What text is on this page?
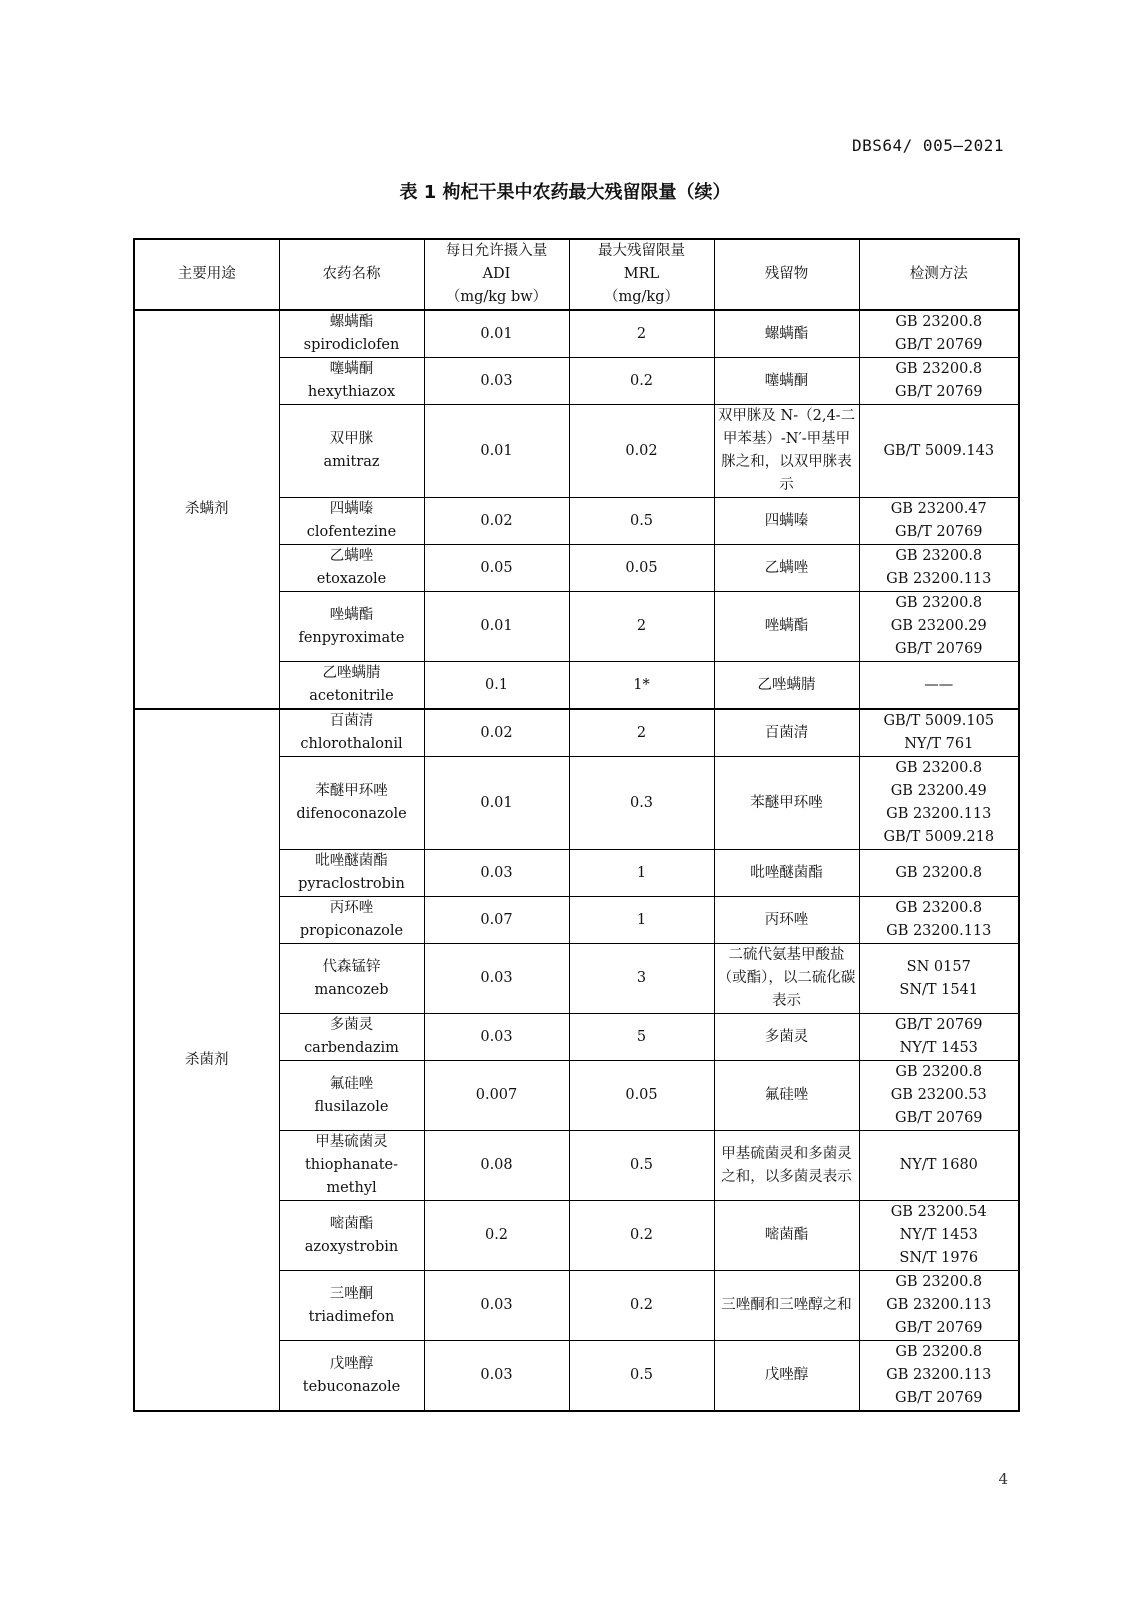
DBS64/ 005—2021
表 1 枸杞干果中农药最大残留限量（续）
主要用途	农药名称	每日允许摄入量
ADI
（mg/kg bw）	最大残留限量
MRL
（mg/kg）	残留物	检测方法
杀螨剂	螺螨酯
spirodiclofen	0.01	2	螺螨酯	GB 23200.8
GB/T 20769

	噻螨酮
hexythiazox	0.03	0.2	噻螨酮	GB 23200.8
GB/T 20769

	双甲脒
amitraz	0.01	0.02	双甲脒及 N-（2,4-二甲苯基）-N′-甲基甲脒之和，以双甲脒表示	GB/T 5009.143

	四螨嗪
clofentezine	0.02	0.5	四螨嗪	GB 23200.47
GB/T 20769

	乙螨唑
etoxazole	0.05	0.05	乙螨唑	GB 23200.8
GB 23200.113

	唑螨酯
fenpyroximate	0.01	2	唑螨酯	GB 23200.8
GB 23200.29
GB/T 20769

	乙唑螨腈
acetonitrile	0.1	1*	乙唑螨腈	——

杀菌剂	百菌清
chlorothalonil	0.02	2	百菌清	GB/T 5009.105
NY/T 761

	苯醚甲环唑
difenoconazole	0.01	0.3	苯醚甲环唑	GB 23200.8
GB 23200.49
GB 23200.113
GB/T 5009.218

	吡唑醚菌酯
pyraclostrobin	0.03	1	吡唑醚菌酯	GB 23200.8

	丙环唑
propiconazole	0.07	1	丙环唑	GB 23200.8
GB 23200.113

	代森锰锌
mancozeb	0.03	3	二硫代氨基甲酸盐（或酯），以二硫化碳表示	SN 0157
SN/T 1541

	多菌灵
carbendazim	0.03	5	多菌灵	GB/T 20769
NY/T 1453

	氟硅唑
flusilazole	0.007	0.05	氟硅唑	GB 23200.8
GB 23200.53
GB/T 20769

	甲基硫菌灵
thiophanate-methyl	0.08	0.5	甲基硫菌灵和多菌灵之和，以多菌灵表示	NY/T 1680

	嘧菌酯
azoxystrobin	0.2	0.2	嘧菌酯	GB 23200.54
NY/T 1453
SN/T 1976

	三唑酮
triadimefon	0.03	0.2	三唑酮和三唑醇之和	GB 23200.8
GB 23200.113
GB/T 20769

	戊唑醇
tebuconazole	0.03	0.5	戊唑醇	GB 23200.8
GB 23200.113
GB/T 20769
4
